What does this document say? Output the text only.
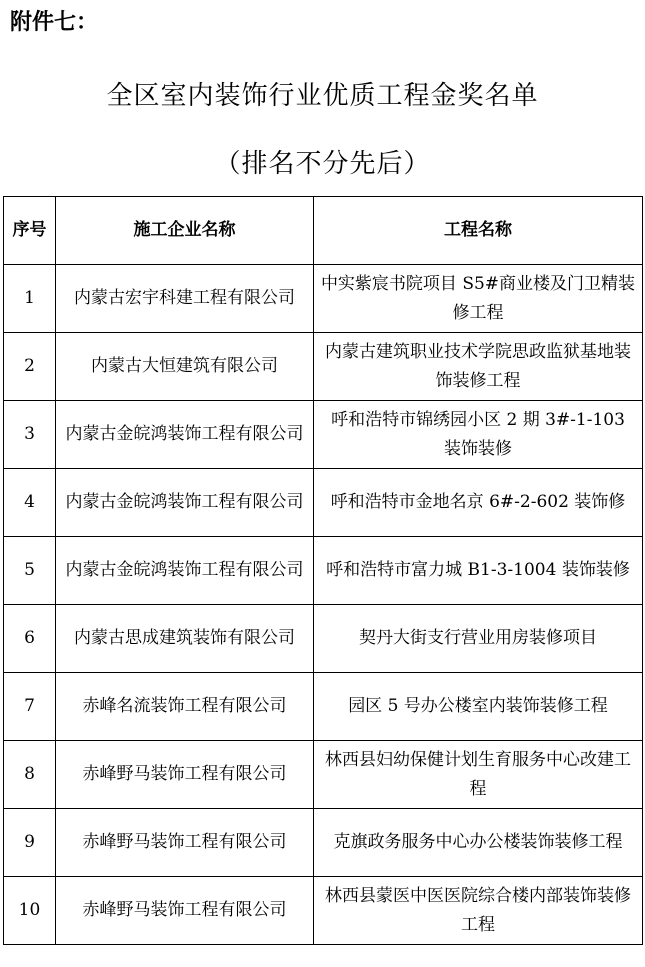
附件七：
全区室内装饰行业优质工程金奖名单
（排名不分先后）
序号	施工企业名称	工程名称
1	内蒙古宏宇科建工程有限公司	中实紫宸书院项目 S5#商业楼及门卫精装修工程
2	内蒙古大恒建筑有限公司	内蒙古建筑职业技术学院思政监狱基地装饰装修工程
3	内蒙古金皖鸿装饰工程有限公司	呼和浩特市锦绣园小区 2 期 3#-1-103 装饰装修
4	内蒙古金皖鸿装饰工程有限公司	呼和浩特市金地名京 6#-2-602 装饰修
5	内蒙古金皖鸿装饰工程有限公司	呼和浩特市富力城 B1-3-1004 装饰装修
6	内蒙古思成建筑装饰有限公司	契丹大街支行营业用房装修项目
7	赤峰名流装饰工程有限公司	园区 5 号办公楼室内装饰装修工程
8	赤峰野马装饰工程有限公司	林西县妇幼保健计划生育服务中心改建工程
9	赤峰野马装饰工程有限公司	克旗政务服务中心办公楼装饰装修工程
10	赤峰野马装饰工程有限公司	林西县蒙医中医医院综合楼内部装饰装修工程
